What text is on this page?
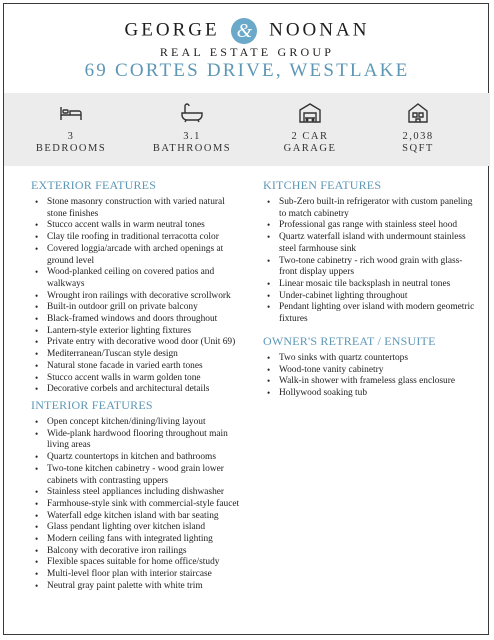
GEORGE & NOONAN
REAL ESTATE GROUP
69 CORTES DRIVE, WESTLAKE
3
BEDROOMS
3.1
BATHROOMS
2 CAR
GARAGE
2,038
SQFT
EXTERIOR FEATURES
• Stone masonry construction with varied natural stone finishes
• Stucco accent walls in warm neutral tones
• Clay tile roofing in traditional terracotta color
• Covered loggia/arcade with arched openings at ground level
• Wood-planked ceiling on covered patios and walkways
• Wrought iron railings with decorative scrollwork
• Built-in outdoor grill on private balcony
• Black-framed windows and doors throughout
• Lantern-style exterior lighting fixtures
• Private entry with decorative wood door (Unit 69)
• Mediterranean/Tuscan style design
• Natural stone facade in varied earth tones
• Stucco accent walls in warm golden tone
• Decorative corbels and architectural details
INTERIOR FEATURES
• Open concept kitchen/dining/living layout
• Wide-plank hardwood flooring throughout main living areas
• Quartz countertops in kitchen and bathrooms
• Two-tone kitchen cabinetry - wood grain lower cabinets with contrasting uppers
• Stainless steel appliances including dishwasher
• Farmhouse-style sink with commercial-style faucet
• Waterfall edge kitchen island with bar seating
• Glass pendant lighting over kitchen island
• Modern ceiling fans with integrated lighting
• Balcony with decorative iron railings
• Flexible spaces suitable for home office/study
• Multi-level floor plan with interior staircase
• Neutral gray paint palette with white trim
KITCHEN FEATURES
• Sub-Zero built-in refrigerator with custom paneling to match cabinetry
• Professional gas range with stainless steel hood
• Quartz waterfall island with undermount stainless steel farmhouse sink
• Two-tone cabinetry - rich wood grain with glass-front display uppers
• Linear mosaic tile backsplash in neutral tones
• Under-cabinet lighting throughout
• Pendant lighting over island with modern geometric fixtures
OWNER'S RETREAT / ENSUITE
• Two sinks with quartz countertops
• Wood-tone vanity cabinetry
• Walk-in shower with frameless glass enclosure
• Hollywood soaking tub
